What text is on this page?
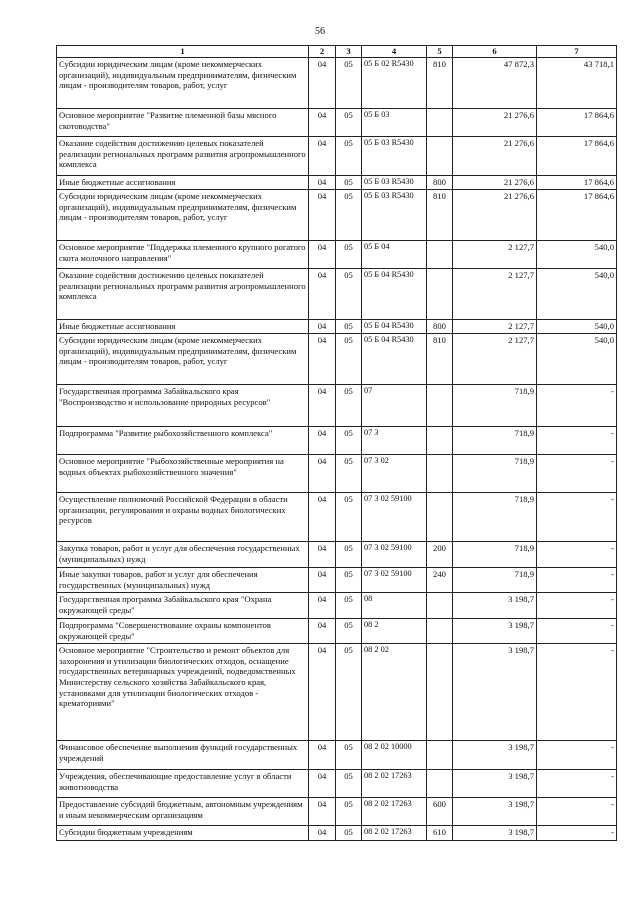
56
1	2	3	4	5	6	7
Субсидии юридическим лицам (кроме некоммерческих организаций), индивидуальным предпринимателям, физическим лицам - производителям товаров, работ, услуг	04	05	05 Б 02 R5430	810	47 872,3	43 718,1
Основное мероприятие "Развитие племенной базы мясного скотоводства"	04	05	05 Б 03		21 276,6	17 864,6
Оказание содействия достижению целевых показателей реализации региональных программ развития агропромышленного комплекса	04	05	05 Б 03 R5430		21 276,6	17 864,6
Иные бюджетные ассигнования	04	05	05 Б 03 R5430	800	21 276,6	17 864,6
Субсидии юридическим лицам (кроме некоммерческих организаций), индивидуальным предпринимателям, физическим лицам - производителям товаров, работ, услуг	04	05	05 Б 03 R5430	810	21 276,6	17 864,6
Основное мероприятие "Поддержка племенного крупного рогатого скота молочного направления"	04	05	05 Б 04		2 127,7	540,0
Оказание содействия достижению целевых показателей реализации региональных программ развития агропромышленного комплекса	04	05	05 Б 04 R5430		2 127,7	540,0
Иные бюджетные ассигнования	04	05	05 Б 04 R5430	800	2 127,7	540,0
Субсидии юридическим лицам (кроме некоммерческих организаций), индивидуальным предпринимателям, физическим лицам - производителям товаров, работ, услуг	04	05	05 Б 04 R5430	810	2 127,7	540,0
Государственная программа Забайкальского края "Воспроизводство и использование природных ресурсов"	04	05	07		718,9	-
Подпрограмма "Развитие рыбохозяйственного комплекса"	04	05	07 3		718,9	-
Основное мероприятие "Рыбохозяйственные мероприятия на водных объектах рыбохозяйственного значения"	04	05	07 3 02		718,9	-
Осуществление полномочий Российской Федерации в области организации, регулирования и охраны водных биологических ресурсов	04	05	07 3 02 59100		718,9	-
Закупка товаров, работ и услуг для обеспечения государственных (муниципальных) нужд	04	05	07 3 02 59100	200	718,9	-
Иные закупки товаров, работ и услуг для обеспечения государственных (муниципальных) нужд	04	05	07 3 02 59100	240	718,9	-
Государственная программа Забайкальского края "Охрана окружающей среды"	04	05	08		3 198,7	-
Подпрограмма "Совершенствование охраны компонентов окружающей среды"	04	05	08 2		3 198,7	-
Основное мероприятие "Строительство и ремонт объектов для захоронения и утилизации биологических отходов, оснащение государственных ветеринарных учреждений, подведомственных Министерству сельского хозяйства Забайкальского края, установками для утилизации биологических отходов - крематориями"	04	05	08 2 02		3 198,7	-
Финансовое обеспечение выполнения функций государственных учреждений	04	05	08 2 02 10000		3 198,7	-
Учреждения, обеспечивающие предоставление услуг в области животноводства	04	05	08 2 02 17263		3 198,7	-
Предоставление субсидий бюджетным, автономным учреждениям и иным некоммерческим организациям	04	05	08 2 02 17263	600	3 198,7	-
Субсидии бюджетным учреждениям	04	05	08 2 02 17263	610	3 198,7	-
